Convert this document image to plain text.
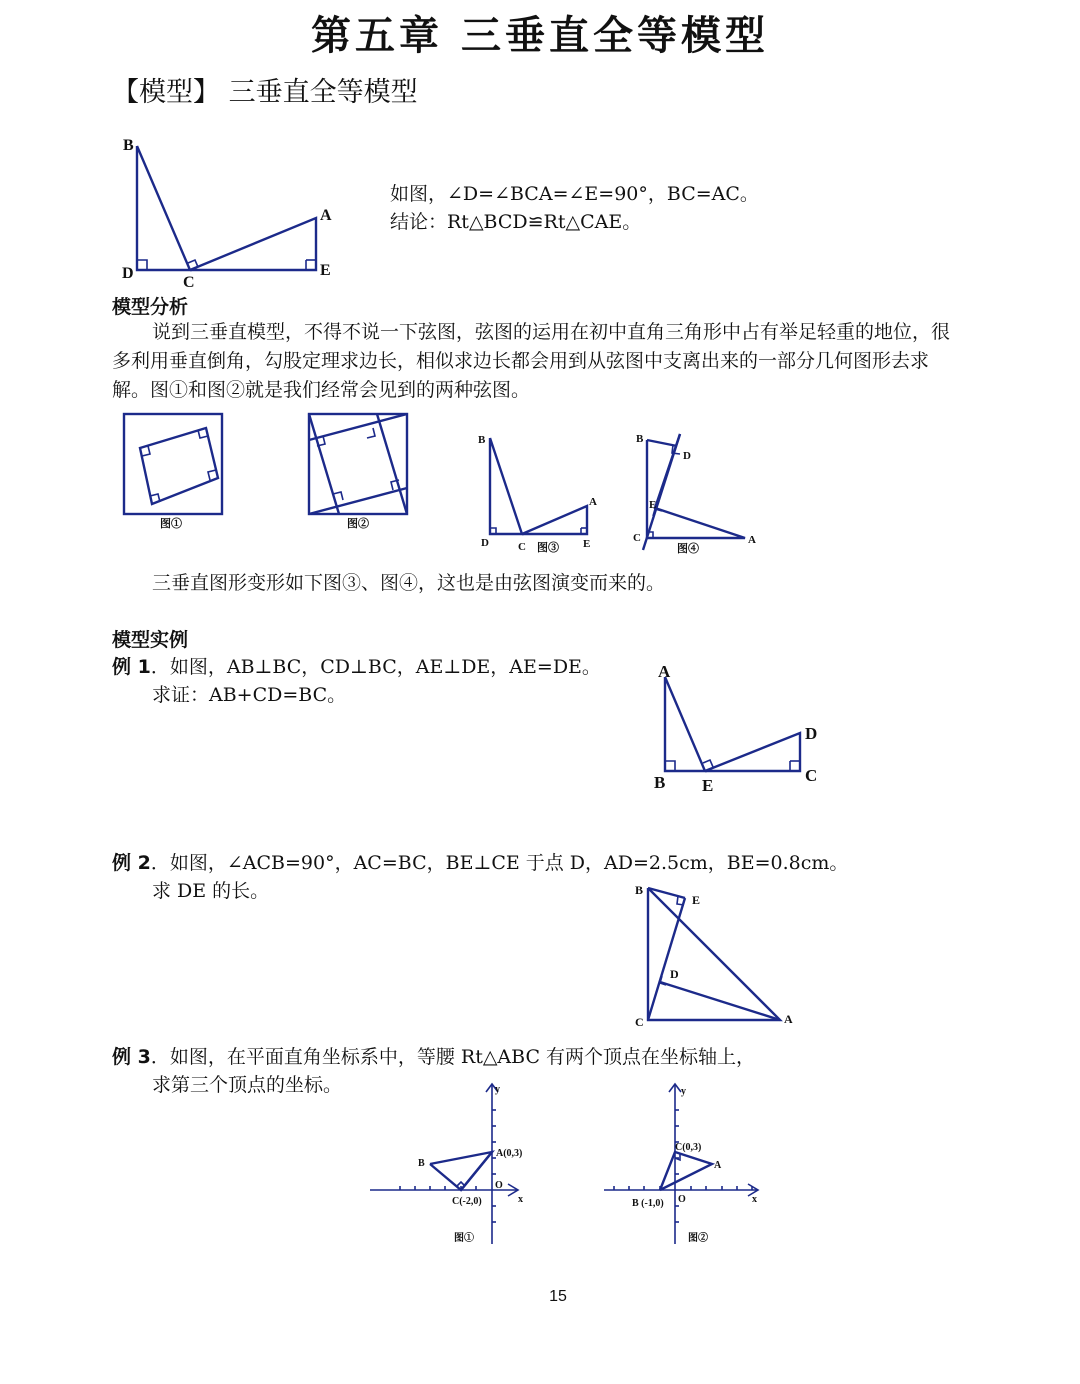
第五章 三垂直全等模型
【模型】 三垂直全等模型
B
A
D
C
E
如图，∠D=∠BCA=∠E=90°，BC=AC。
结论：Rt△BCD≌Rt△CAE。
模型分析
说到三垂直模型，不得不说一下弦图，弦图的运用在初中直角三角形中占有举足轻重的地位，很多利用垂直倒角，勾股定理求边长，相似求边长都会用到从弦图中支离出来的一部分几何图形去求解。图①和图②就是我们经常会见到的两种弦图。
图①	图②
B
A
D	C	E
图③
B
D
E
C	A
图④
三垂直图形变形如下图③、图④，这也是由弦图演变而来的。
模型实例
例 1．如图，AB⊥BC，CD⊥BC，AE⊥DE，AE=DE。
求证：AB+CD=BC。
A
D
B E
C
例 2．如图，∠ACB=90°，AC=BC，BE⊥CE 于点 D，AD=2.5cm，BE=0.8cm。
求 DE 的长。	B
E
D
C	A
例 3．如图，在平面直角坐标系中，等腰 Rt△ABC 有两个顶点在坐标轴上，
求第三个顶点的坐标。	y
x
O
A(0,3)
B
C(-2,0)
图①
y
x
O
C(0,3)
A
B (-1,0)
图②
15
